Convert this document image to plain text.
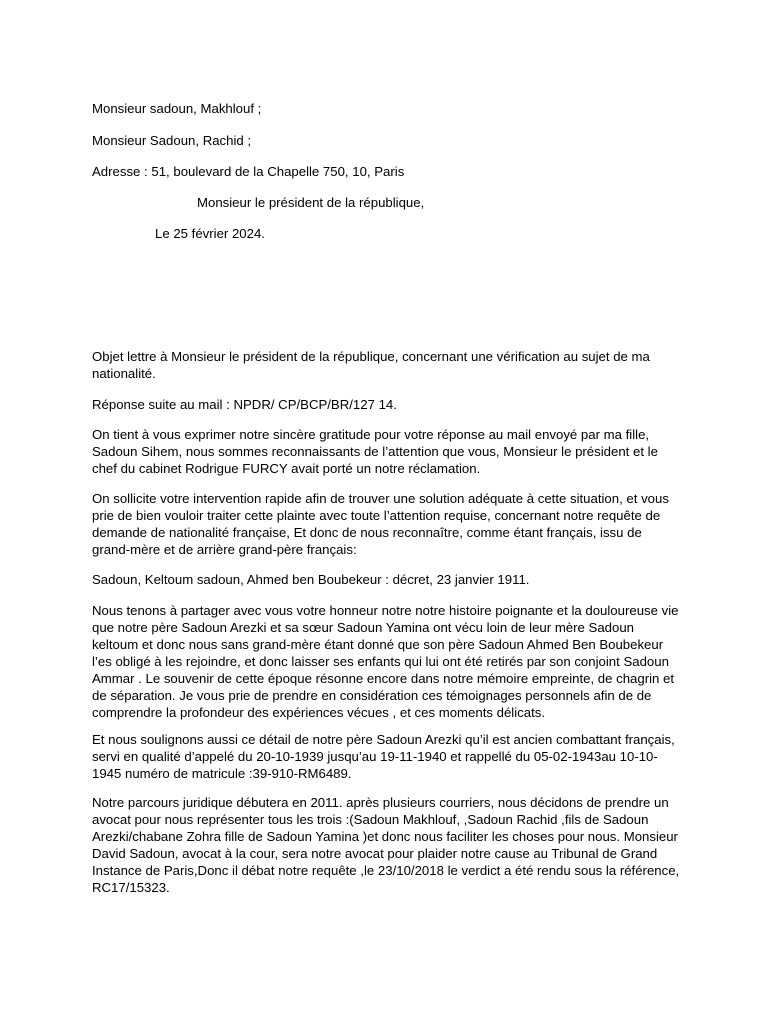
Monsieur sadoun, Makhlouf ;

Monsieur Sadoun, Rachid ;

Adresse : 51, boulevard de la Chapelle 750, 10, Paris

Monsieur le président de la république,

Le 25 février 2024.

Objet lettre à Monsieur le président de la république, concernant une vérification au sujet de ma nationalité.

Réponse suite au mail : NPDR/ CP/BCP/BR/127 14.

On tient à vous exprimer notre sincère gratitude pour votre réponse au mail envoyé par ma fille, Sadoun Sihem, nous sommes reconnaissants de l’attention que vous, Monsieur le président et le chef du cabinet Rodrigue FURCY avait porté un notre réclamation.

On sollicite votre intervention rapide afin de trouver une solution adéquate à cette situation, et vous prie de bien vouloir traiter cette plainte avec toute l’attention requise, concernant notre requête de demande de nationalité française, Et donc de nous reconnaître, comme étant français, issu de grand-mère et de arrière grand-père français:

Sadoun, Keltoum sadoun, Ahmed ben Boubekeur : décret, 23 janvier 1911.

Nous tenons à partager avec vous votre honneur notre notre histoire poignante et la douloureuse vie que notre père Sadoun Arezki et sa sœur Sadoun Yamina ont vécu loin de leur mère Sadoun keltoum et donc nous sans grand-mère étant donné que son père Sadoun Ahmed Ben Boubekeur l’es obligé à les rejoindre, et donc laisser ses enfants qui lui ont été retirés par son conjoint Sadoun Ammar . Le souvenir de cette époque résonne encore dans notre mémoire empreinte, de chagrin et de séparation. Je vous prie de prendre en considération ces témoignages personnels afin de de comprendre la profondeur des expériences vécues , et ces moments délicats.

Et nous soulignons aussi ce détail de notre père Sadoun Arezki qu’il est ancien combattant français, servi en qualité d’appelé du 20-10-1939 jusqu’au 19-11-1940 et rappellé du 05-02-1943au 10-10-1945 numéro de matricule :39-910-RM6489.

Notre parcours juridique débutera en 2011. après plusieurs courriers, nous décidons de prendre un avocat pour nous représenter tous les trois :(Sadoun Makhlouf, ,Sadoun Rachid ,fils de Sadoun Arezki/chabane Zohra fille de Sadoun Yamina )et donc nous faciliter les choses pour nous. Monsieur David Sadoun, avocat à la cour, sera notre avocat pour plaider notre cause au Tribunal de Grand Instance de Paris,Donc il débat notre requête ,le 23/10/2018 le verdict a été rendu sous la référence, RC17/15323.
